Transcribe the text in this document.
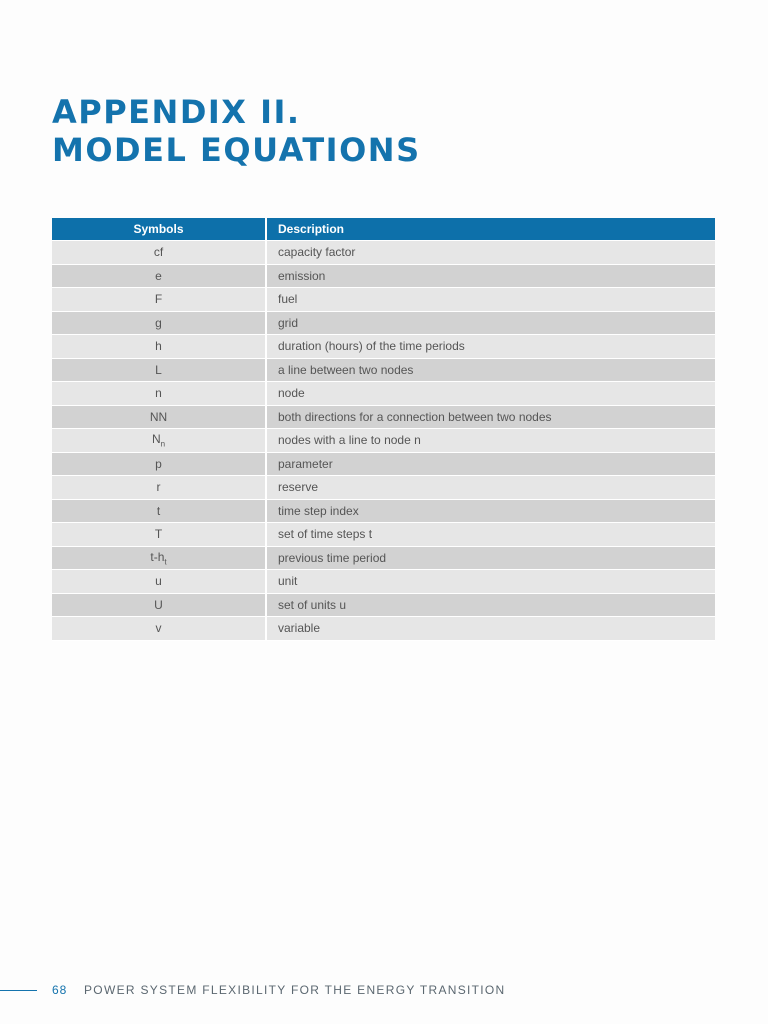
APPENDIX II.
MODEL EQUATIONS
Symbols	Description
cf	capacity factor
e	emission
F	fuel
g	grid
h	duration (hours) of the time periods
L	a line between two nodes
n	node
NN	both directions for a connection between two nodes
$N_n$	nodes with a line to node n
p	parameter
r	reserve
t	time step index
T	set of time steps t
$t-h_t$	previous time period
u	unit
U	set of units u
v	variable
68 POWER SYSTEM FLEXIBILITY FOR THE ENERGY TRANSITION
